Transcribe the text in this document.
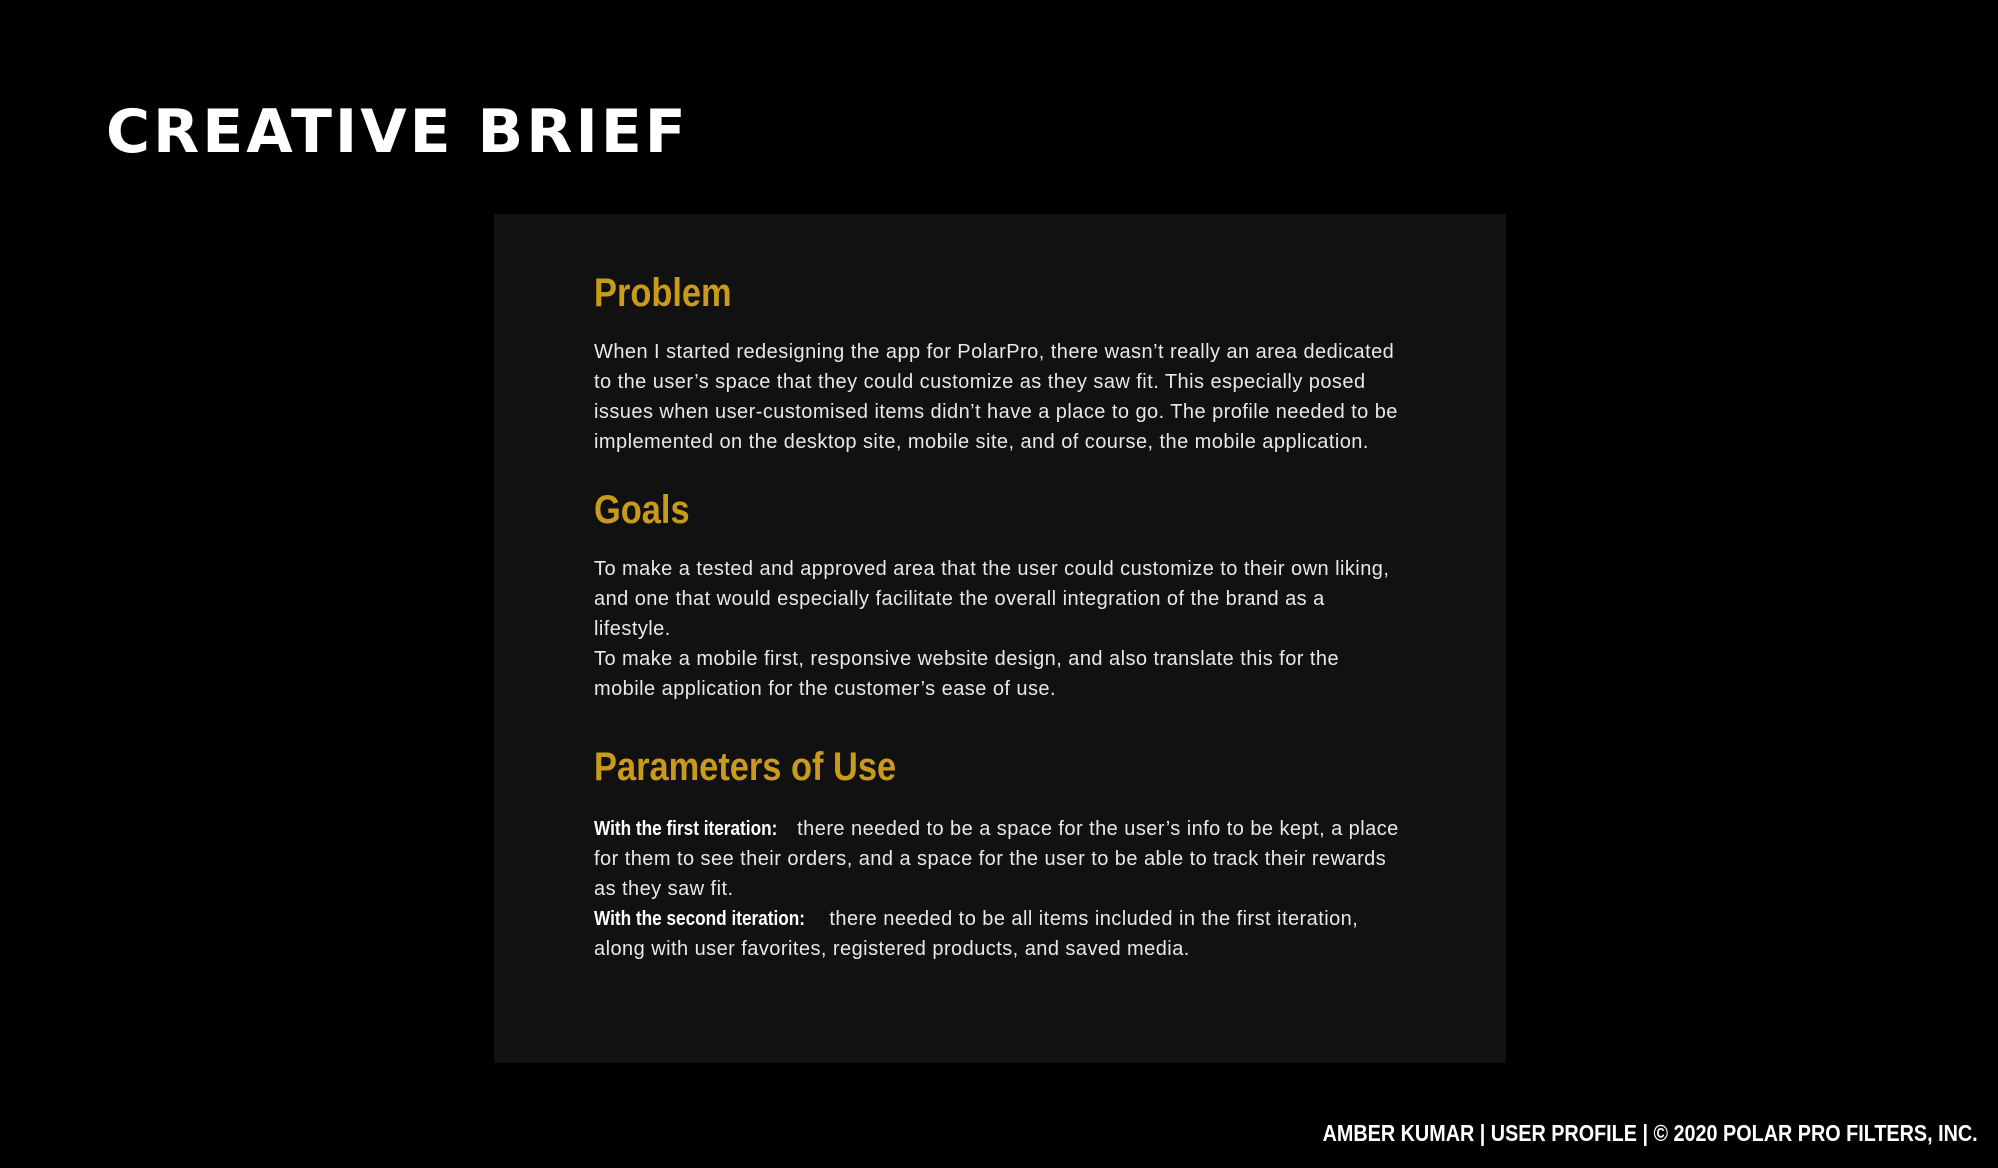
CREATIVE BRIEF
Problem

When I started redesigning the app for PolarPro, there wasn’t really an area dedicated to the user’s space that they could customize as they saw fit. This especially posed issues when user-customised items didn’t have a place to go. The profile needed to be implemented on the desktop site, mobile site, and of course, the mobile application.

Goals

To make a tested and approved area that the user could customize to their own liking, and one that would especially facilitate the overall integration of the brand as a lifestyle.

To make a mobile first, responsive website design, and also translate this for the mobile application for the customer’s ease of use.

Parameters of Use

With the first iteration: there needed to be a space for the user’s info to be kept, a place for them to see their orders, and a space for the user to be able to track their rewards as they saw fit.

With the second iteration: there needed to be all items included in the first iteration, along with user favorites, registered products, and saved media.

AMBER KUMAR | USER PROFILE | © 2020 POLAR PRO FILTERS, INC.
